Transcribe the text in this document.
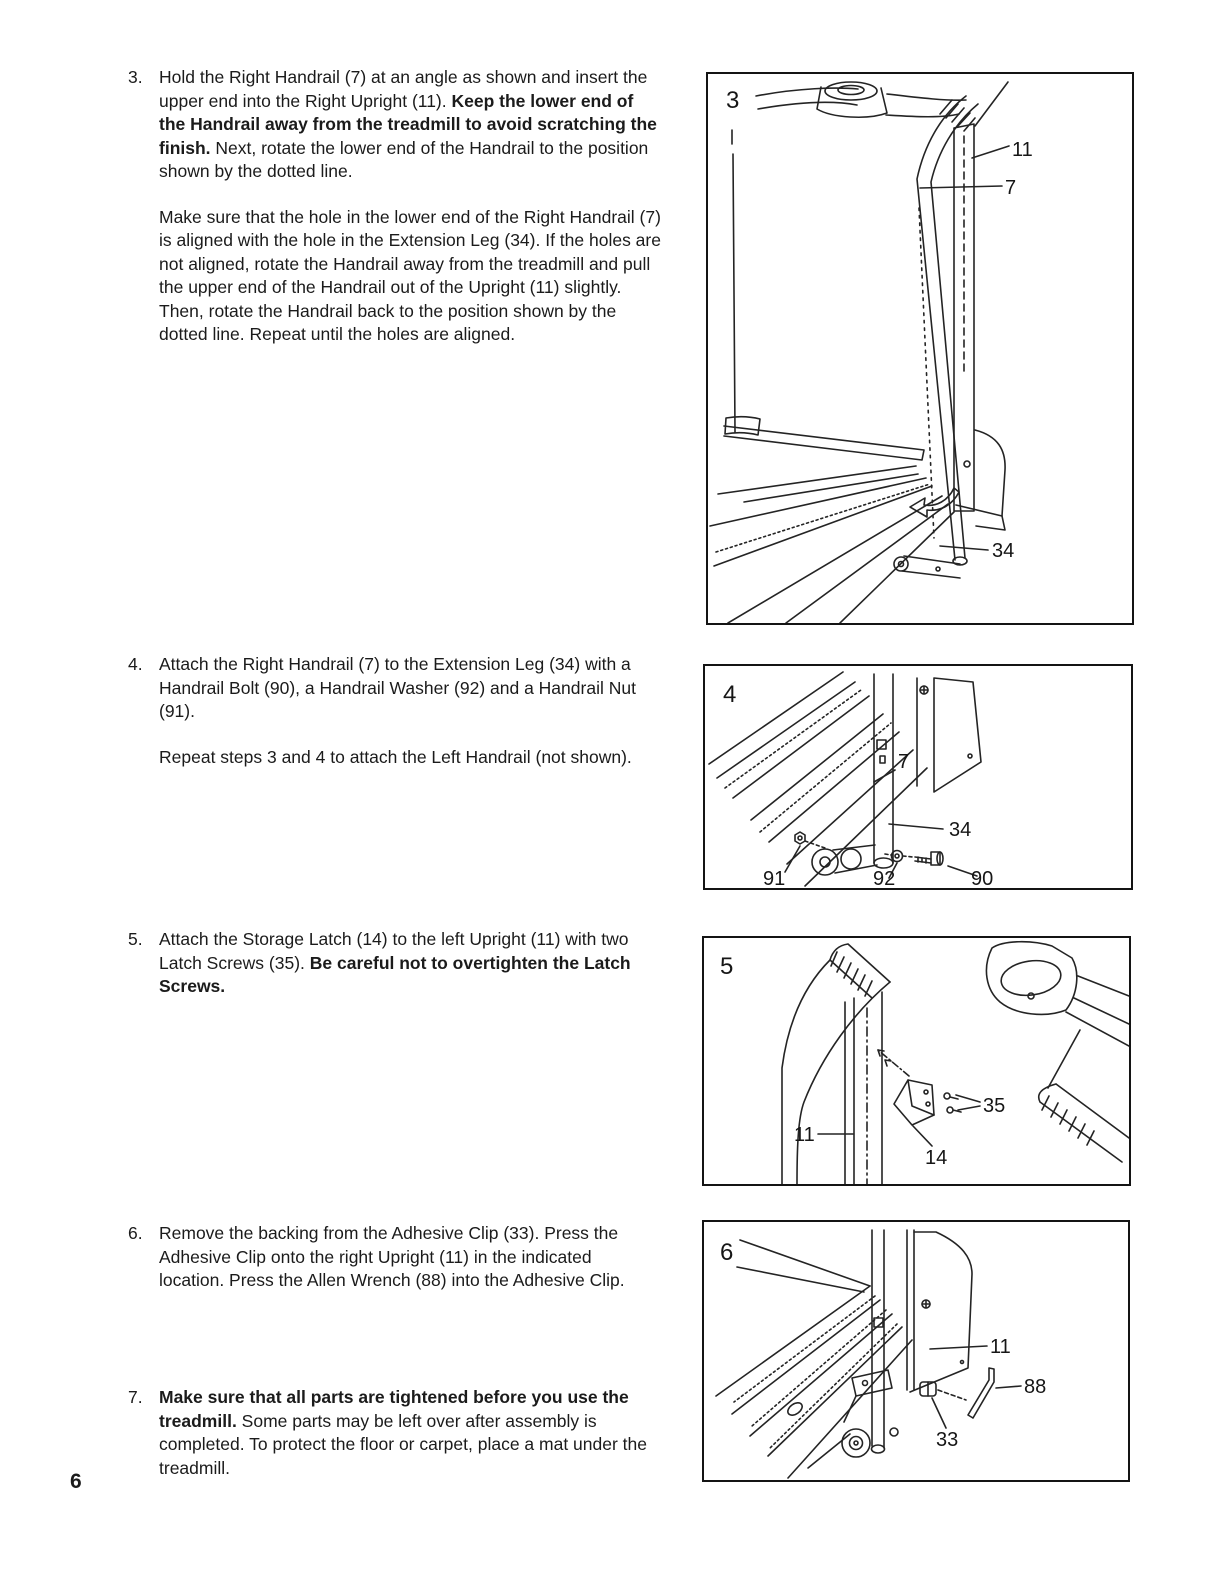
3. Hold the Right Handrail (7) at an angle as shown and insert the upper end into the Right Upright (11). Keep the lower end of the Handrail away from the treadmill to avoid scratching the finish. Next, rotate the lower end of the Handrail to the position shown by the dotted line.

Make sure that the hole in the lower end of the Right Handrail (7) is aligned with the hole in the Extension Leg (34). If the holes are not aligned, rotate the Handrail away from the treadmill and pull the upper end of the Handrail out of the Upright (11) slightly. Then, rotate the Handrail back to the position shown by the dotted line. Repeat until the holes are aligned.

4. Attach the Right Handrail (7) to the Extension Leg (34) with a Handrail Bolt (90), a Handrail Washer (92) and a Handrail Nut (91).

Repeat steps 3 and 4 to attach the Left Handrail (not shown).

5. Attach the Storage Latch (14) to the left Upright (11) with two Latch Screws (35). Be careful not to overtighten the Latch Screws.

6. Remove the backing from the Adhesive Clip (33). Press the Adhesive Clip onto the right Upright (11) in the indicated location. Press the Allen Wrench (88) into the Adhesive Clip.

7. Make sure that all parts are tightened before you use the treadmill. Some parts may be left over after assembly is completed. To protect the floor or carpet, place a mat under the treadmill.

6
3
11
7
34
4
7
34
91	92	90
5
35
11
14
6
11
88
33
